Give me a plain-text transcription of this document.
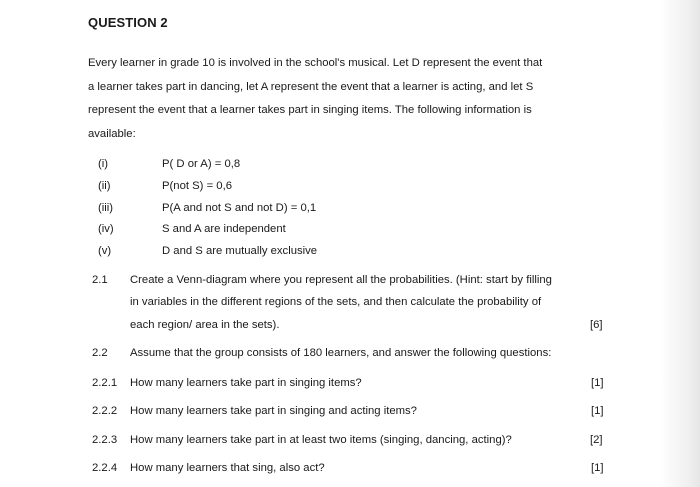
QUESTION 2
Every learner in grade 10 is involved in the school's musical. Let D represent the event that
a learner takes part in dancing, let A represent the event that a learner is acting, and let S
represent the event that a learner takes part in singing items. The following information is
available:
(i)	P( D or A) = 0,8
(ii)	P(not S) = 0,6
(iii)	P(A and not S and not D) = 0,1
(iv)	S and A are independent
(v)	D and S are mutually exclusive
2.1 Create a Venn-diagram where you represent all the probabilities. (Hint: start by filling
in variables in the different regions of the sets, and then calculate the probability of
each region/ area in the sets).	[6]
2.2 Assume that the group consists of 180 learners, and answer the following questions:
2.2.1 How many learners take part in singing items?	[1]
2.2.2 How many learners take part in singing and acting items?	[1]
2.2.3 How many learners take part in at least two items (singing, dancing, acting)?	[2]
2.2.4 How many learners that sing, also act?	[1]
